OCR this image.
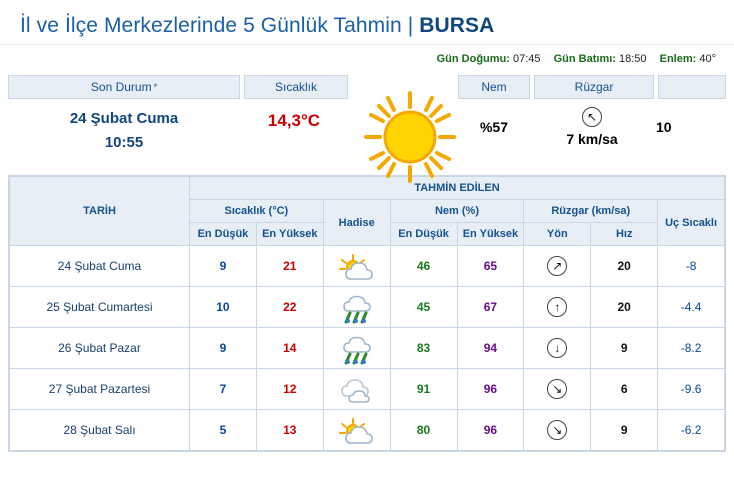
İl ve İlçe Merkezlerinde 5 Günlük Tahmin | BURSA
Gün Doğumu: 07:45 Gün Batımı: 18:50 Enlem: 40°
Son Durum *	Sıcaklık	Nem	Rüzgar
24 Şubat Cuma
10:55
14,3°C	%57
↖
7 km/sa
10
TARİH	TAHMİN EDİLEN							
	Sıcaklık (°C)		Hadise	Nem (%)		Rüzgar (km/sa)		Uç Sıcaklı
	En Düşük	En Yüksek		En Düşük	En Yüksek	Yön	Hız	
24 Şubat Cuma	9	21		46	65	↗	20	-8
25 Şubat Cumartesi	10	22		45	67	↑	20	-4.4
26 Şubat Pazar	9	14		83	94	↓	9	-8.2
27 Şubat Pazartesi	7	12		91	96	↘	6	-9.6
28 Şubat Salı	5	13		80	96	↘	9	-6.2
